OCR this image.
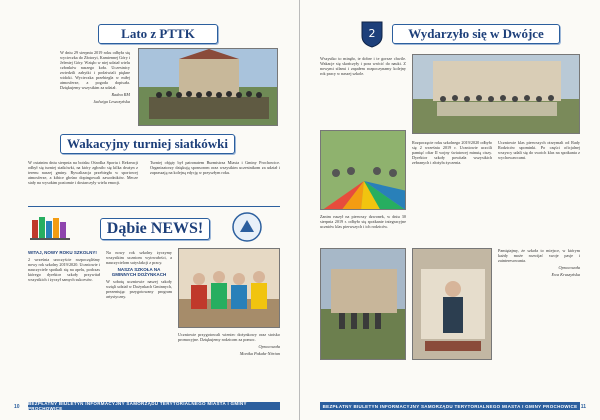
Lato z PTTK

W dniu 29 sierpnia 2019 roku odbyła się wycieczka do Złotoryi, Kamiennej Góry i Jeleniej Góry. Wzięło w niej udział wielu członków naszego koła. Uczestnicy zwiedzili zabytki i podziwiali piękne widoki. Wycieczka przebiegła w miłej atmosferze, a pogoda dopisała. Dziękujemy wszystkim za udział.

Radna RM

Jadwiga Leszczyńska

Wakacyjny turniej siatkówki

W ostatnim dniu sierpnia na boisku Ośrodka Sportu i Rekreacji odbył się turniej siatkówki, na który zgłosiło się kilka drużyn z terenu naszej gminy. Rywalizacja przebiegła w sportowej atmosferze, a kibice głośno dopingowali zawodników. Mecze stały na wysokim poziomie i dostarczyły wielu emocji.

Turniej objęty był patronatem Burmistrza Miasta i Gminy Prochowice. Organizatorzy dziękują sponsorom oraz wszystkim uczestnikom za udział i zapraszają na kolejną edycję w przyszłym roku.

Dąbie NEWS!

WITAJ, NOWY ROKU SZKOLNY!

2 września uroczyście rozpoczęliśmy nowy rok szkolny 2019/2020. Uczniowie i nauczyciele spotkali się na apelu, podczas którego dyrektor szkoły przywitał wszystkich i życzył samych sukcesów.

Na nowy rok szkolny życzymy wszystkim uczniom wytrwałości, a nauczycielom satysfakcji z pracy.

NASZA SZKOŁA NA GMINNYCH DOŻYNKACH

W sobotę uczniowie naszej szkoły wzięli udział w Dożynkach Gminnych, prezentując przygotowany program artystyczny.

Uczniowie przygotowali wieniec dożynkowy oraz stoisko promocyjne. Dziękujemy rodzicom za pomoc.

Opracowała

Monika Pakuła-Nitrian

BEZPŁATNY BIULETYN INFORMACYJNY SAMORZĄDU TERYTORIALNEGO MIASTA I GMINY PROCHOWICE
10
2	Wydarzyło się w Dwójce

Wszystko to minęło, te dobre i te gorsze chwile. Wakacje się skończyły i pora wrócić do nauki. Z nowymi siłami i zapałem rozpoczynamy kolejny rok pracy w naszej szkole.

Zanim ruszył na pierwszy dzwonek, w dniu 30 sierpnia 2019 r. odbyło się spotkanie integracyjne uczniów klas pierwszych i ich rodziców.

Rozpoczęcie roku szkolnego 2019/2020 odbyło się 2 września 2019 r. Uczniowie uczcili pamięć ofiar II wojny światowej minutą ciszy. Dyrektor szkoły powitała wszystkich zebranych i złożyła życzenia.

Uczniowie klas pierwszych otrzymali od Rady Rodziców upominki. Po części oficjalnej wszyscy udali się do swoich klas na spotkania z wychowawcami.

Pamiętajmy, że szkoła to miejsce, w którym każdy może rozwijać swoje pasje i zainteresowania.

Opracowała

Ewa Kruszyńska

BEZPŁATNY BIULETYN INFORMACYJNY SAMORZĄDU TERYTORIALNEGO MIASTA I GMINY PROCHOWICE 11
